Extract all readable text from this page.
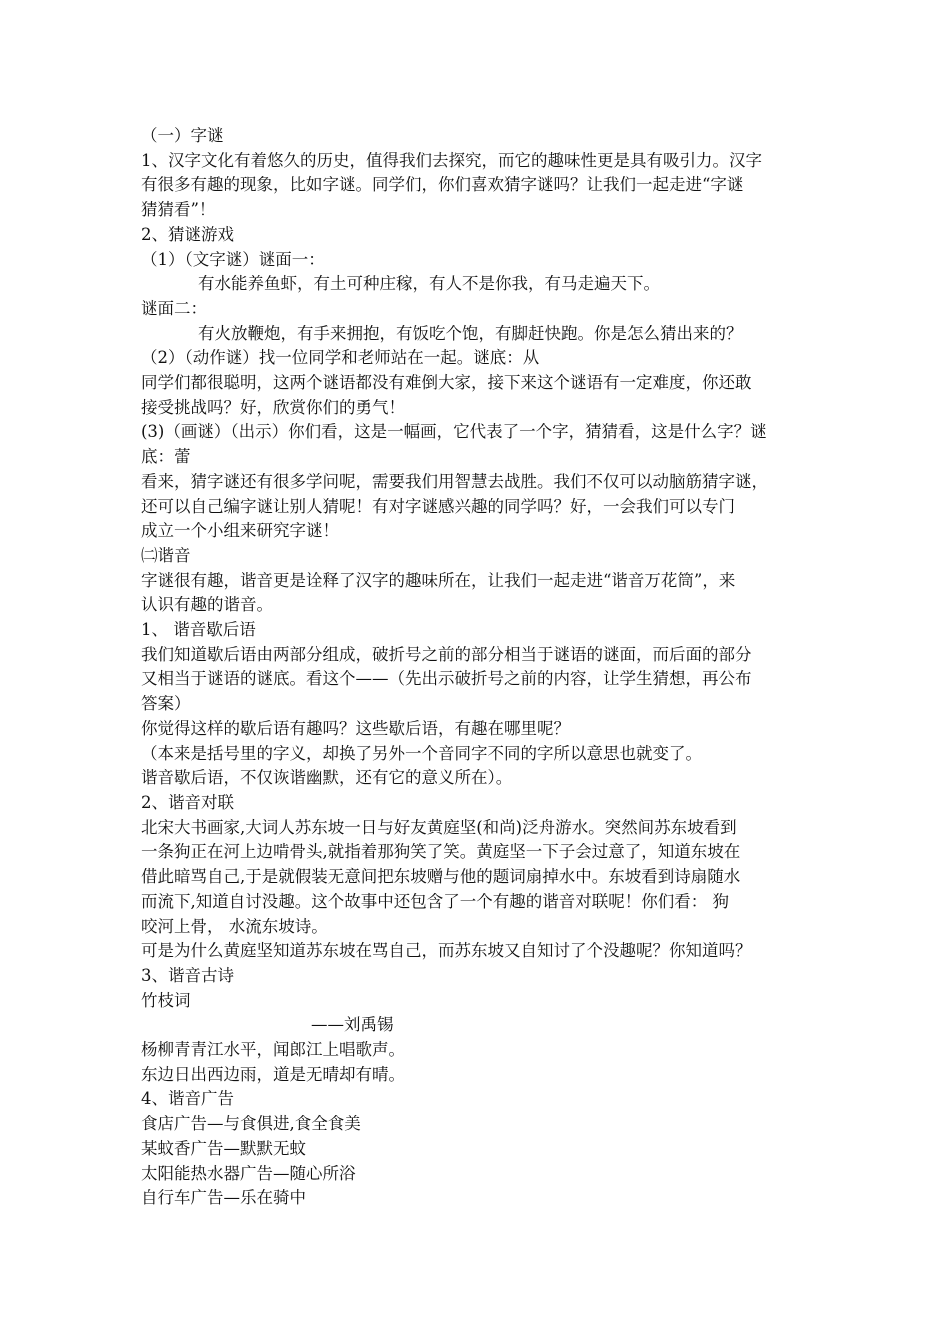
（一）字谜

1、汉字文化有着悠久的历史，值得我们去探究，而它的趣味性更是具有吸引力。汉字

有很多有趣的现象，比如字谜。同学们，你们喜欢猜字谜吗？让我们一起走进“字谜

猜猜看”！

2、猜谜游戏

（1）（文字谜）谜面一：

有水能养鱼虾，有土可种庄稼，有人不是你我，有马走遍天下。

谜面二：

有火放鞭炮，有手来拥抱，有饭吃个饱，有脚赶快跑。你是怎么猜出来的？

（2）（动作谜）找一位同学和老师站在一起。谜底：从

同学们都很聪明，这两个谜语都没有难倒大家，接下来这个谜语有一定难度，你还敢

接受挑战吗？好，欣赏你们的勇气！

(3)（画谜）（出示）你们看，这是一幅画，它代表了一个字，猜猜看，这是什么字？谜

底：蕾

看来，猜字谜还有很多学问呢，需要我们用智慧去战胜。我们不仅可以动脑筋猜字谜，

还可以自己编字谜让别人猜呢！有对字谜感兴趣的同学吗？好，一会我们可以专门

成立一个小组来研究字谜！

㈡谐音

字谜很有趣，谐音更是诠释了汉字的趣味所在，让我们一起走进“谐音万花筒”，来

认识有趣的谐音。

1、 谐音歇后语

我们知道歇后语由两部分组成，破折号之前的部分相当于谜语的谜面，而后面的部分

又相当于谜语的谜底。看这个——（先出示破折号之前的内容，让学生猜想，再公布

答案）

你觉得这样的歇后语有趣吗？这些歇后语，有趣在哪里呢？

（本来是括号里的字义，却换了另外一个音同字不同的字所以意思也就变了。

谐音歇后语，不仅诙谐幽默，还有它的意义所在）。

2、谐音对联

北宋大书画家,大词人苏东坡一日与好友黄庭坚(和尚)泛舟游水。突然间苏东坡看到

一条狗正在河上边啃骨头,就指着那狗笑了笑。黄庭坚一下子会过意了，知道东坡在

借此暗骂自己,于是就假装无意间把东坡赠与他的题词扇掉水中。东坡看到诗扇随水

而流下,知道自讨没趣。这个故事中还包含了一个有趣的谐音对联呢！你们看： 狗

咬河上骨， 水流东坡诗。

可是为什么黄庭坚知道苏东坡在骂自己，而苏东坡又自知讨了个没趣呢？你知道吗？

3、谐音古诗

竹枝词

——刘禹锡

杨柳青青江水平，闻郎江上唱歌声。

东边日出西边雨，道是无晴却有晴。

4、谐音广告

食店广告—与食俱进,食全食美

某蚊香广告—默默无蚊

太阳能热水器广告—随心所浴

自行车广告—乐在骑中
